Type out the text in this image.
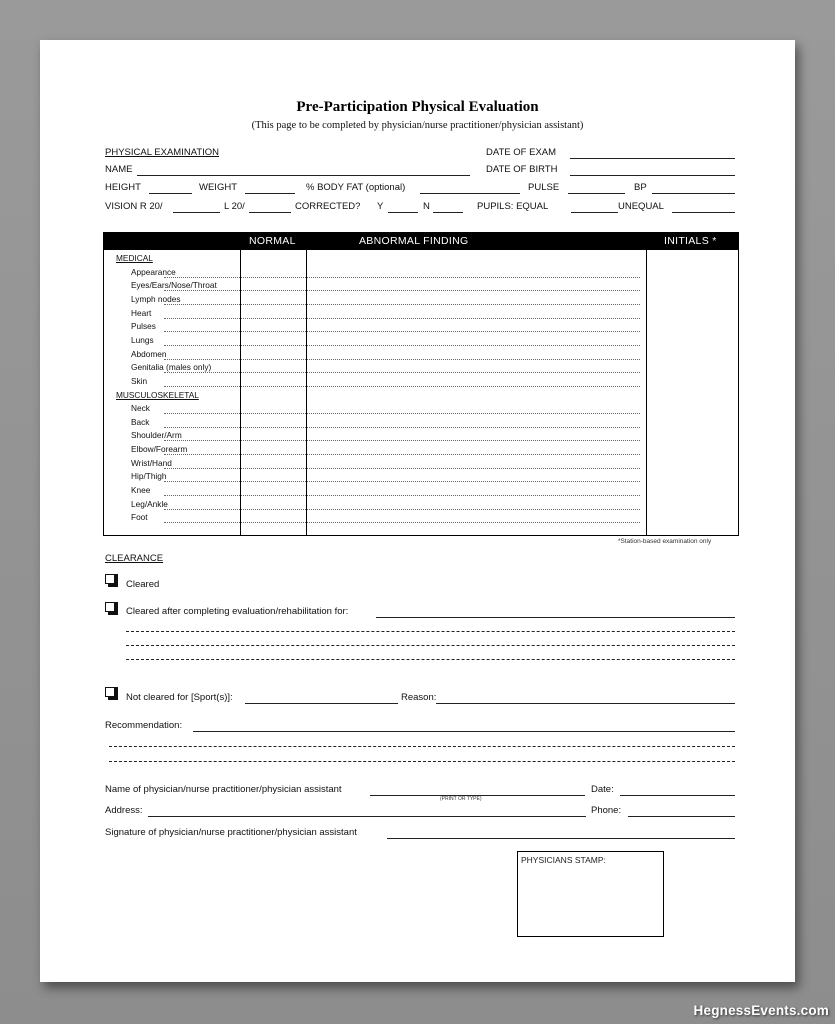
Pre-Participation Physical Evaluation
(This page to be completed by physician/nurse practitioner/physician assistant)
PHYSICAL EXAMINATION	DATE OF EXAM
NAME	DATE OF BIRTH
HEIGHT	WEIGHT	% BODY FAT (optional)	PULSE	BP
VISION R 20/	L 20/	CORRECTED? Y	N	PUPILS: EQUAL	UNEQUAL
NORMAL	ABNORMAL FINDING	INITIALS *
MEDICAL
Appearance
Eyes/Ears/Nose/Throat
Lymph nodes
Heart
Pulses
Lungs
Abdomen
Genitalia (males only)
Skin
MUSCULOSKELETAL
Neck
Back
Shoulder/Arm
Elbow/Forearm
Wrist/Hand
Hip/Thigh
Knee
Leg/Ankle
Foot
*Station-based examination only
CLEARANCE
Cleared
Cleared after completing evaluation/rehabilitation for:
Not cleared for [Sport(s)]:	Reason:
Recommendation:
Name of physician/nurse practitioner/physician assistant
(PRINT OR TYPE)
Date:
Address:	Phone:
Signature of physician/nurse practitioner/physician assistant
PHYSICIANS STAMP:
HegnessEvents.com
